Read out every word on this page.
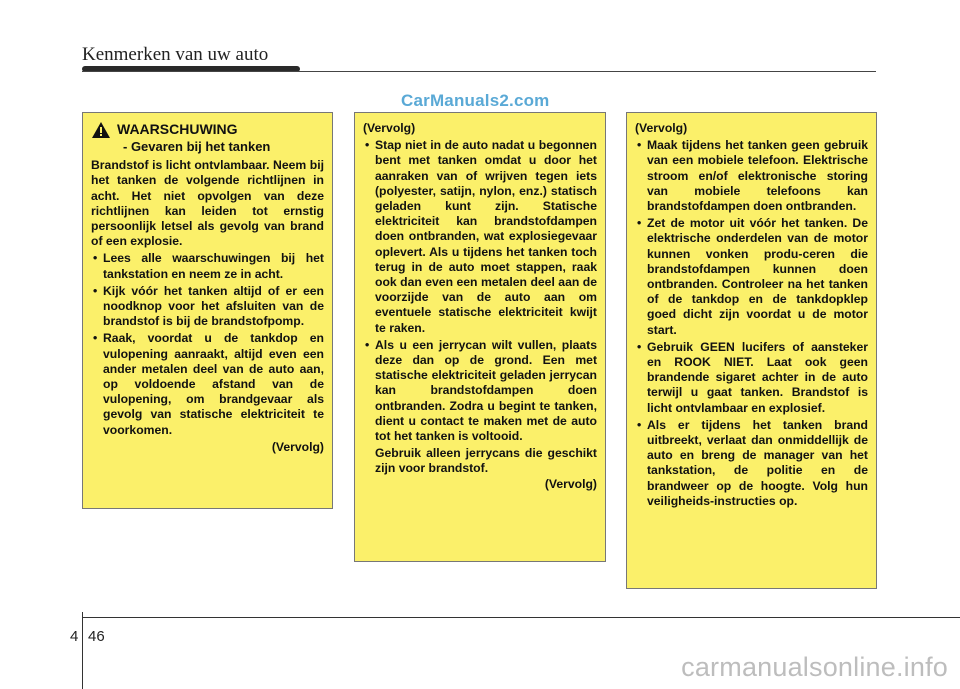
Kenmerken van uw auto
CarManuals2.com
WAARSCHUWING
- Gevaren bij het tanken

Brandstof is licht ontvlambaar. Neem bij het tanken de volgende richtlijnen in acht. Het niet opvolgen van deze richtlijnen kan leiden tot ernstig persoonlijk letsel als gevolg van brand of een explosie.

• Lees alle waarschuwingen bij het tankstation en neem ze in acht.
• Kijk vóór het tanken altijd of er een noodknop voor het afsluiten van de brandstof is bij de brandstofpomp.
• Raak, voordat u de tankdop en vulopening aanraakt, altijd even een ander metalen deel van de auto aan, op voldoende afstand van de vulopening, om brandgevaar als gevolg van statische elektriciteit te voorkomen.
(Vervolg)
(Vervolg)
• Stap niet in de auto nadat u begonnen bent met tanken omdat u door het aanraken van of wrijven tegen iets (polyester, satijn, nylon, enz.) statisch geladen kunt zijn. Statische elektriciteit kan brandstofdampen doen ontbranden, wat explosiegevaar oplevert. Als u tijdens het tanken toch terug in de auto moet stappen, raak ook dan even een metalen deel aan de voorzijde van de auto aan om eventuele statische elektriciteit kwijt te raken.
• Als u een jerrycan wilt vullen, plaats deze dan op de grond. Een met statische elektriciteit geladen jerrycan kan brandstofdampen doen ontbranden. Zodra u begint te tanken, dient u contact te maken met de auto tot het tanken is voltooid.

Gebruik alleen jerrycans die geschikt zijn voor brandstof.

(Vervolg)
(Vervolg)
• Maak tijdens het tanken geen gebruik van een mobiele telefoon. Elektrische stroom en/of elektronische storing van mobiele telefoons kan brandstofdampen doen ontbranden.
• Zet de motor uit vóór het tanken. De elektrische onderdelen van de motor kunnen vonken produ-ceren die brandstofdampen kunnen doen ontbranden. Controleer na het tanken of de tankdop en de tankdopklep goed dicht zijn voordat u de motor start.
• Gebruik GEEN lucifers of aansteker en ROOK NIET. Laat ook geen brandende sigaret achter in de auto terwijl u gaat tanken. Brandstof is licht ontvlambaar en explosief.
• Als er tijdens het tanken brand uitbreekt, verlaat dan onmiddellijk de auto en breng de manager van het tankstation, de politie en de brandweer op de hoogte. Volg hun veiligheids-instructies op.
4 46
carmanualsonline.info
